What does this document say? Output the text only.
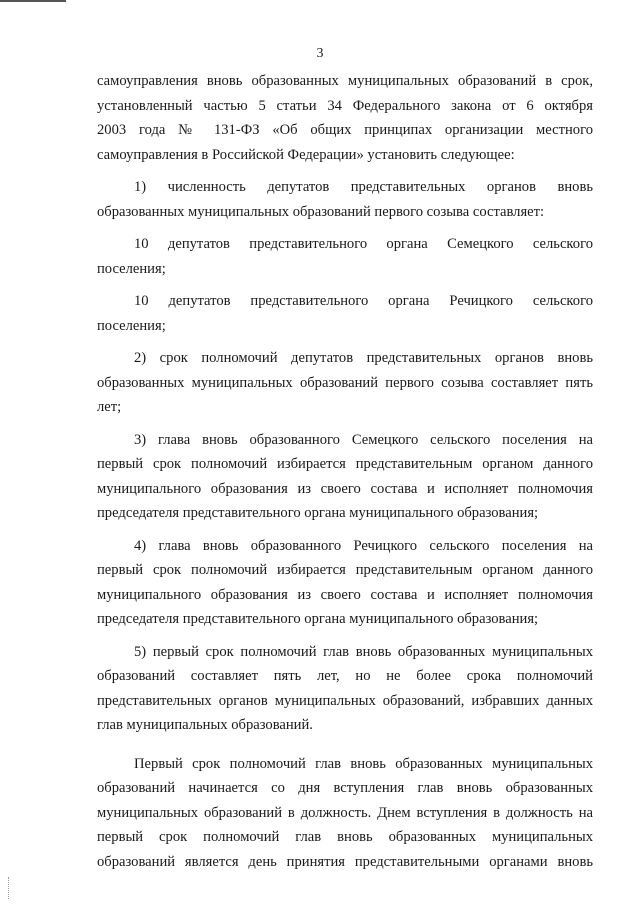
3
самоуправления вновь образованных муниципальных образований в срок,
установленный частью 5 статьи 34 Федерального закона от 6 октября
2003 года № 131-ФЗ «Об общих принципах организации местного
самоуправления в Российской Федерации» установить следующее:
1) численность депутатов представительных органов вновь
образованных муниципальных образований первого созыва составляет:
10 депутатов представительного органа Семецкого сельского
поселения;
10 депутатов представительного органа Речицкого сельского
поселения;
2) срок полномочий депутатов представительных органов вновь
образованных муниципальных образований первого созыва составляет пять
лет;
3) глава вновь образованного Семецкого сельского поселения на
первый срок полномочий избирается представительным органом данного
муниципального образования из своего состава и исполняет полномочия
председателя представительного органа муниципального образования;
4) глава вновь образованного Речицкого сельского поселения на
первый срок полномочий избирается представительным органом данного
муниципального образования из своего состава и исполняет полномочия
председателя представительного органа муниципального образования;
5) первый срок полномочий глав вновь образованных муниципальных
образований составляет пять лет, но не более срока полномочий
представительных органов муниципальных образований, избравших данных
глав муниципальных образований.
Первый срок полномочий глав вновь образованных муниципальных
образований начинается со дня вступления глав вновь образованных
муниципальных образований в должность. Днем вступления в должность на
первый срок полномочий глав вновь образованных муниципальных
образований является день принятия представительными органами вновь
